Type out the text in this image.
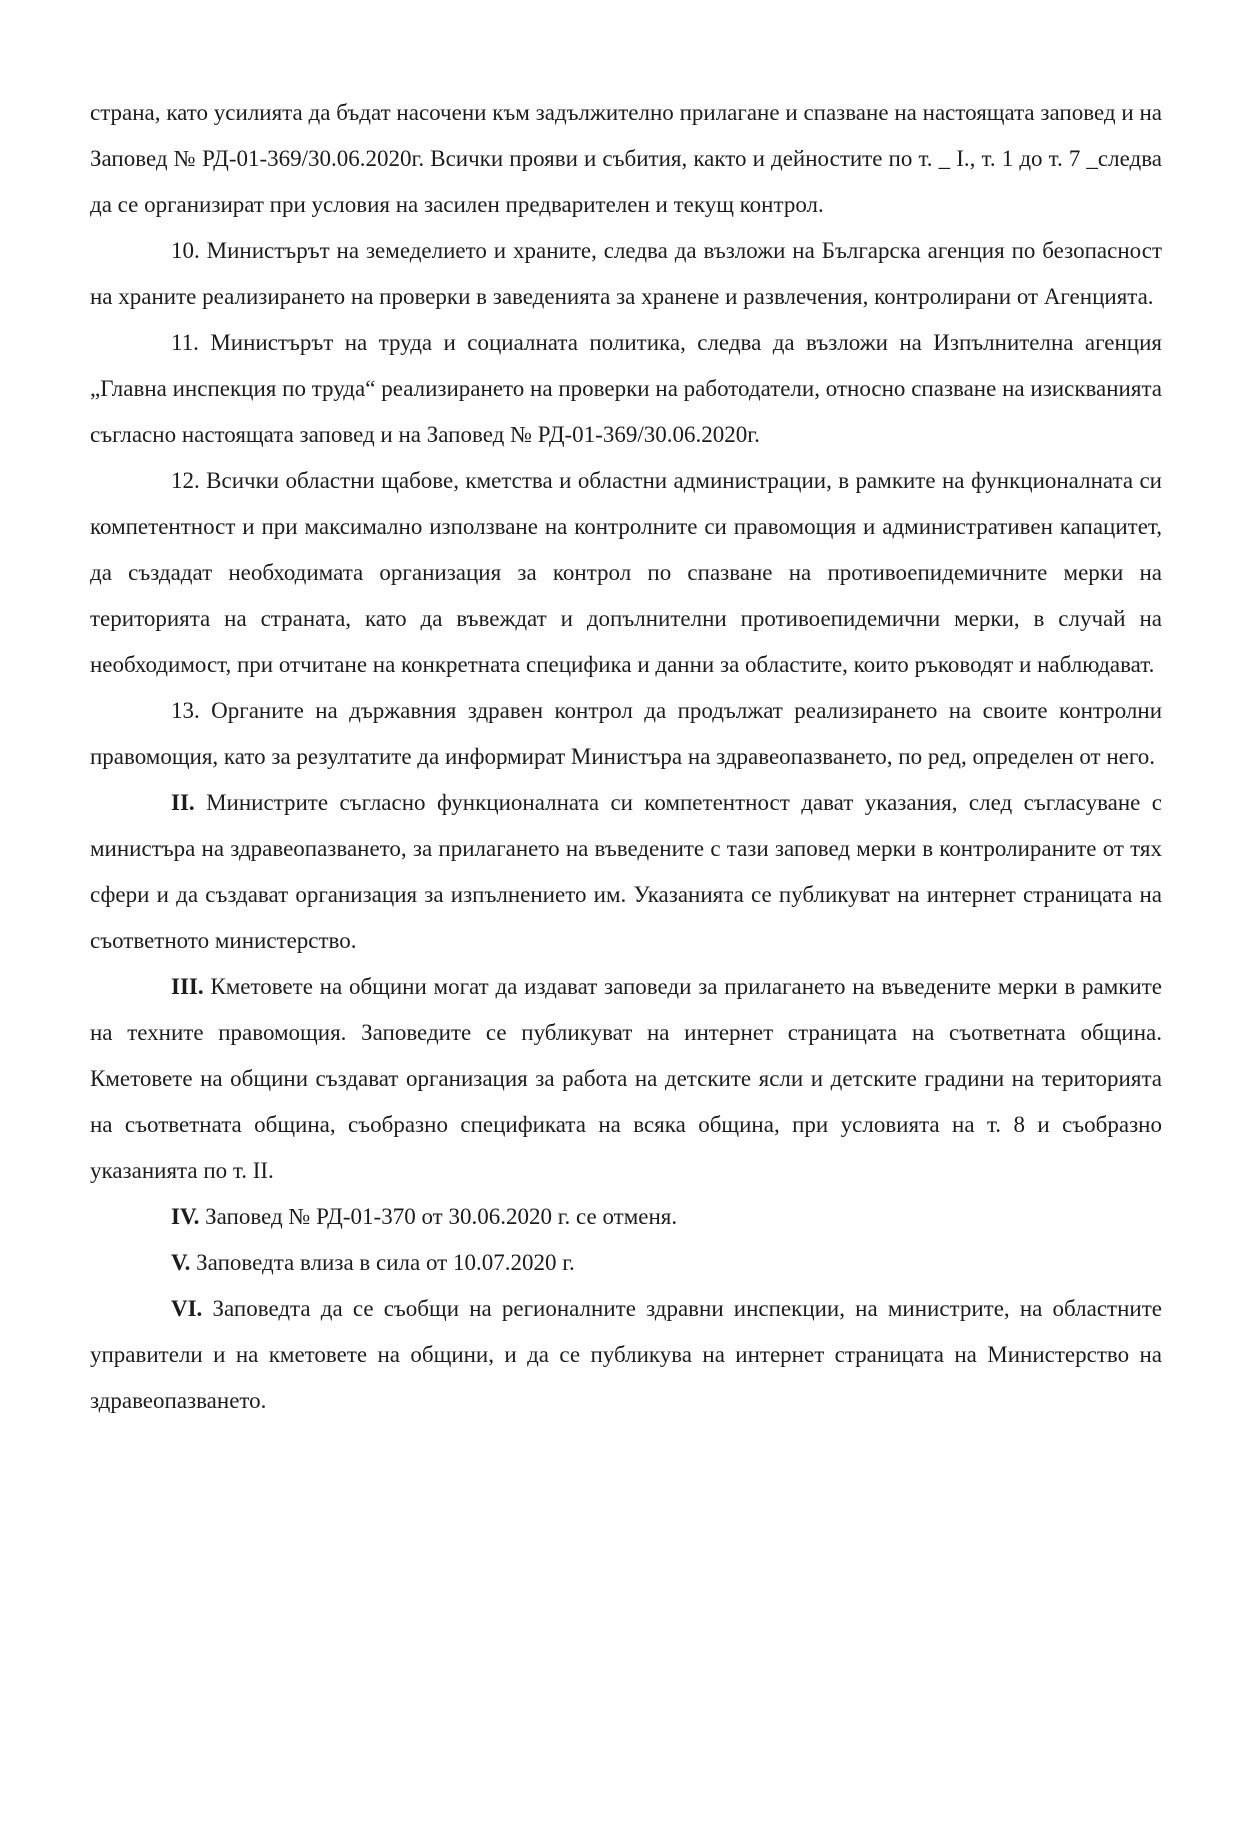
страна, като усилията да бъдат насочени към задължително прилагане и спазване на настоящата заповед и на Заповед № РД-01-369/30.06.2020г. Всички прояви и събития, както и дейностите по т. _ I., т. 1 до т. 7 _следва да се организират при условия на засилен предварителен и текущ контрол.

10. Министърът на земеделието и храните, следва да възложи на Българска агенция по безопасност на храните реализирането на проверки в заведенията за хранене и развлечения, контролирани от Агенцията.

11. Министърът на труда и социалната политика, следва да възложи на Изпълнителна агенция „Главна инспекция по труда“ реализирането на проверки на работодатели, относно спазване на изискванията съгласно настоящата заповед и на Заповед № РД-01-369/30.06.2020г.

12. Всички областни щабове, кметства и областни администрации, в рамките на функционалната си компетентност и при максимално използване на контролните си правомощия и административен капацитет, да създадат необходимата организация за контрол по спазване на противоепидемичните мерки на територията на страната, като да въвеждат и допълнителни противоепидемични мерки, в случай на необходимост, при отчитане на конкретната специфика и данни за областите, които ръководят и наблюдават.

13. Органите на държавния здравен контрол да продължат реализирането на своите контролни правомощия, като за резултатите да информират Министъра на здравеопазването, по ред, определен от него.

II. Министрите съгласно функционалната си компетентност дават указания, след съгласуване с министъра на здравеопазването, за прилагането на въведените с тази заповед мерки в контролираните от тях сфери и да създават организация за изпълнението им. Указанията се публикуват на интернет страницата на съответното министерство.

III. Кметовете на общини могат да издават заповеди за прилагането на въведените мерки в рамките на техните правомощия. Заповедите се публикуват на интернет страницата на съответната община. Кметовете на общини създават организация за работа на детските ясли и детските градини на територията на съответната община, съобразно спецификата на всяка община, при условията на т. 8 и съобразно указанията по т. II.

IV. Заповед № РД-01-370 от 30.06.2020 г. се отменя.

V. Заповедта влиза в сила от 10.07.2020 г.

VI. Заповедта да се съобщи на регионалните здравни инспекции, на министрите, на областните управители и на кметовете на общини, и да се публикува на интернет страницата на Министерство на здравеопазването.
